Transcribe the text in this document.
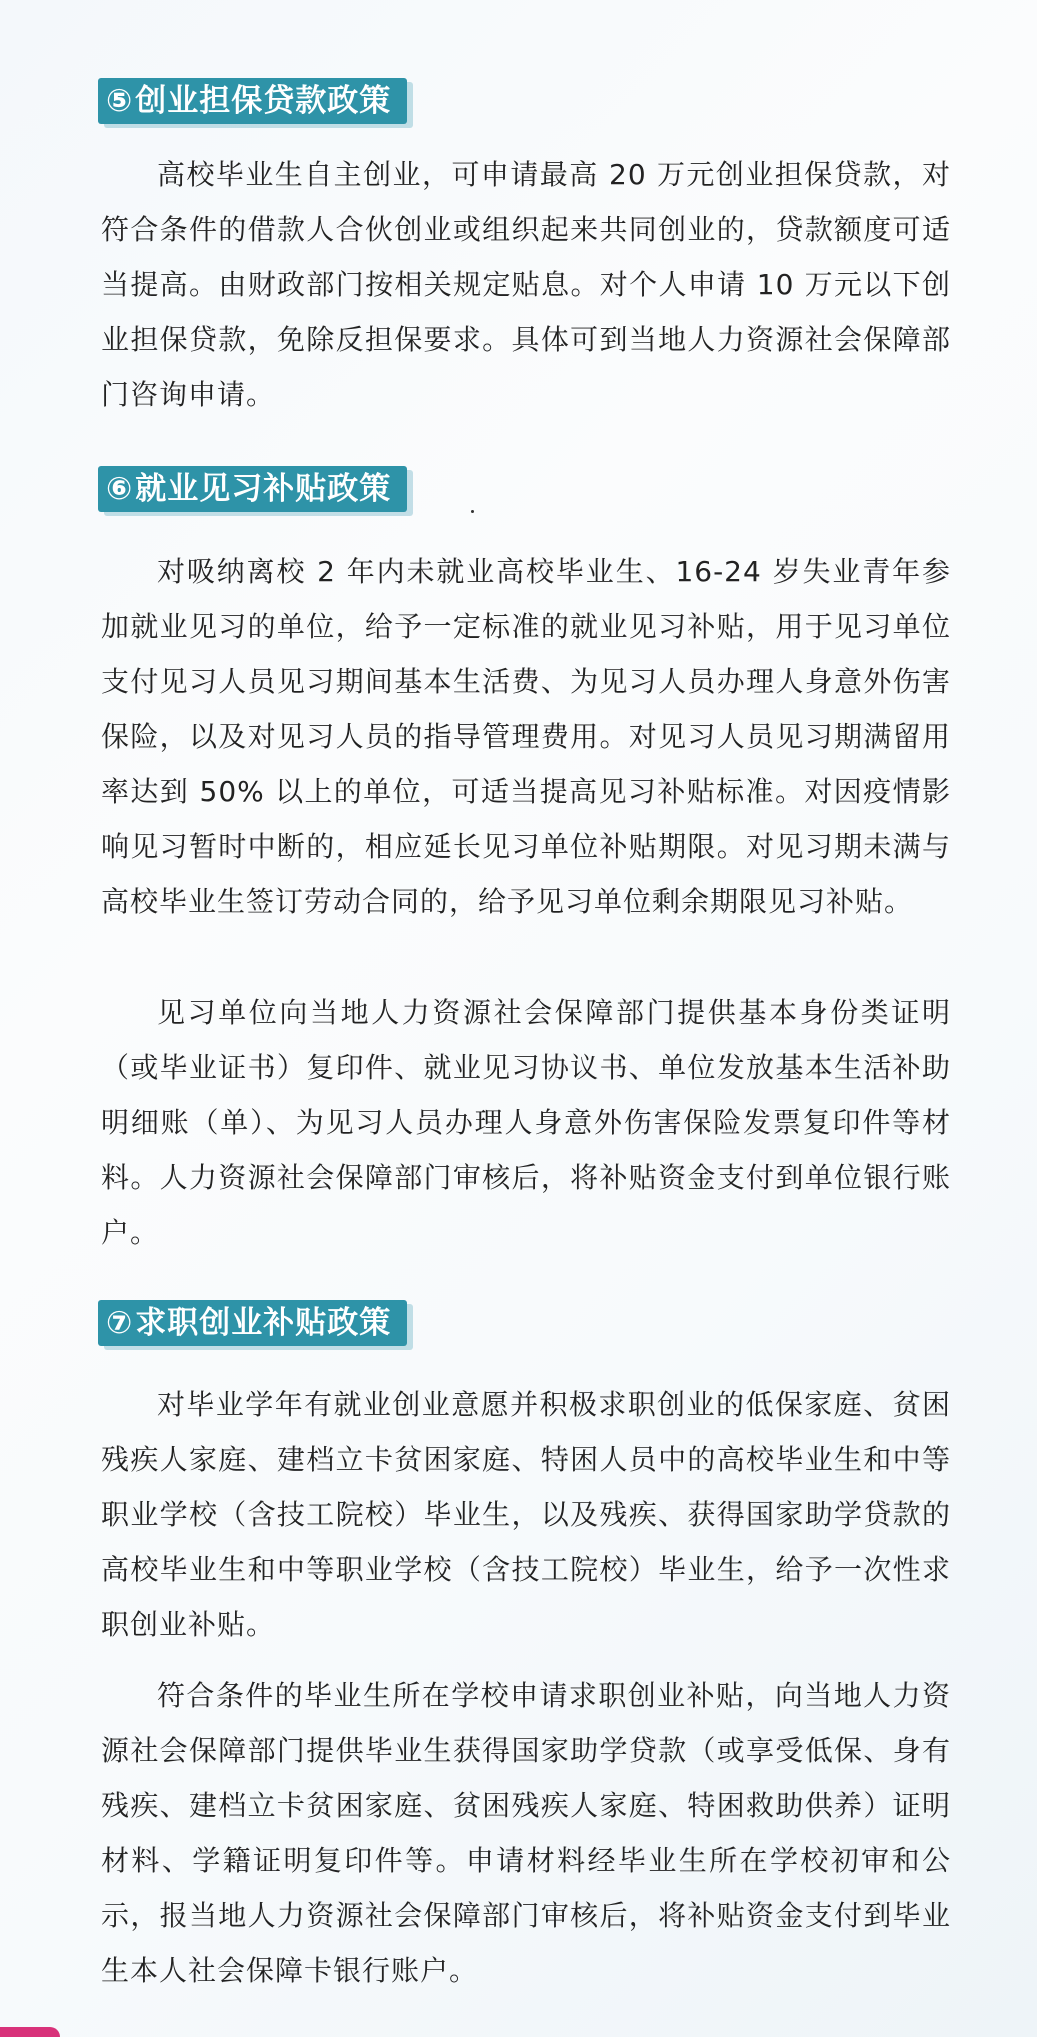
⑤创业担保贷款政策

高校毕业生自主创业，可申请最高 20 万元创业担保贷款，对符合条件的借款人合伙创业或组织起来共同创业的，贷款额度可适当提高。由财政部门按相关规定贴息。对个人申请 10 万元以下创业担保贷款，免除反担保要求。具体可到当地人力资源社会保障部门咨询申请。

⑥就业见习补贴政策

对吸纳离校 2 年内未就业高校毕业生、16-24 岁失业青年参加就业见习的单位，给予一定标准的就业见习补贴，用于见习单位支付见习人员见习期间基本生活费、为见习人员办理人身意外伤害保险，以及对见习人员的指导管理费用。对见习人员见习期满留用率达到 50% 以上的单位，可适当提高见习补贴标准。对因疫情影响见习暂时中断的，相应延长见习单位补贴期限。对见习期未满与高校毕业生签订劳动合同的，给予见习单位剩余期限见习补贴。

见习单位向当地人力资源社会保障部门提供基本身份类证明（或毕业证书）复印件、就业见习协议书、单位发放基本生活补助明细账（单）、为见习人员办理人身意外伤害保险发票复印件等材料。人力资源社会保障部门审核后，将补贴资金支付到单位银行账户。

⑦求职创业补贴政策

对毕业学年有就业创业意愿并积极求职创业的低保家庭、贫困残疾人家庭、建档立卡贫困家庭、特困人员中的高校毕业生和中等职业学校（含技工院校）毕业生，以及残疾、获得国家助学贷款的高校毕业生和中等职业学校（含技工院校）毕业生，给予一次性求职创业补贴。

符合条件的毕业生所在学校申请求职创业补贴，向当地人力资源社会保障部门提供毕业生获得国家助学贷款（或享受低保、身有残疾、建档立卡贫困家庭、贫困残疾人家庭、特困救助供养）证明材料、学籍证明复印件等。申请材料经毕业生所在学校初审和公示，报当地人力资源社会保障部门审核后，将补贴资金支付到毕业生本人社会保障卡银行账户。
